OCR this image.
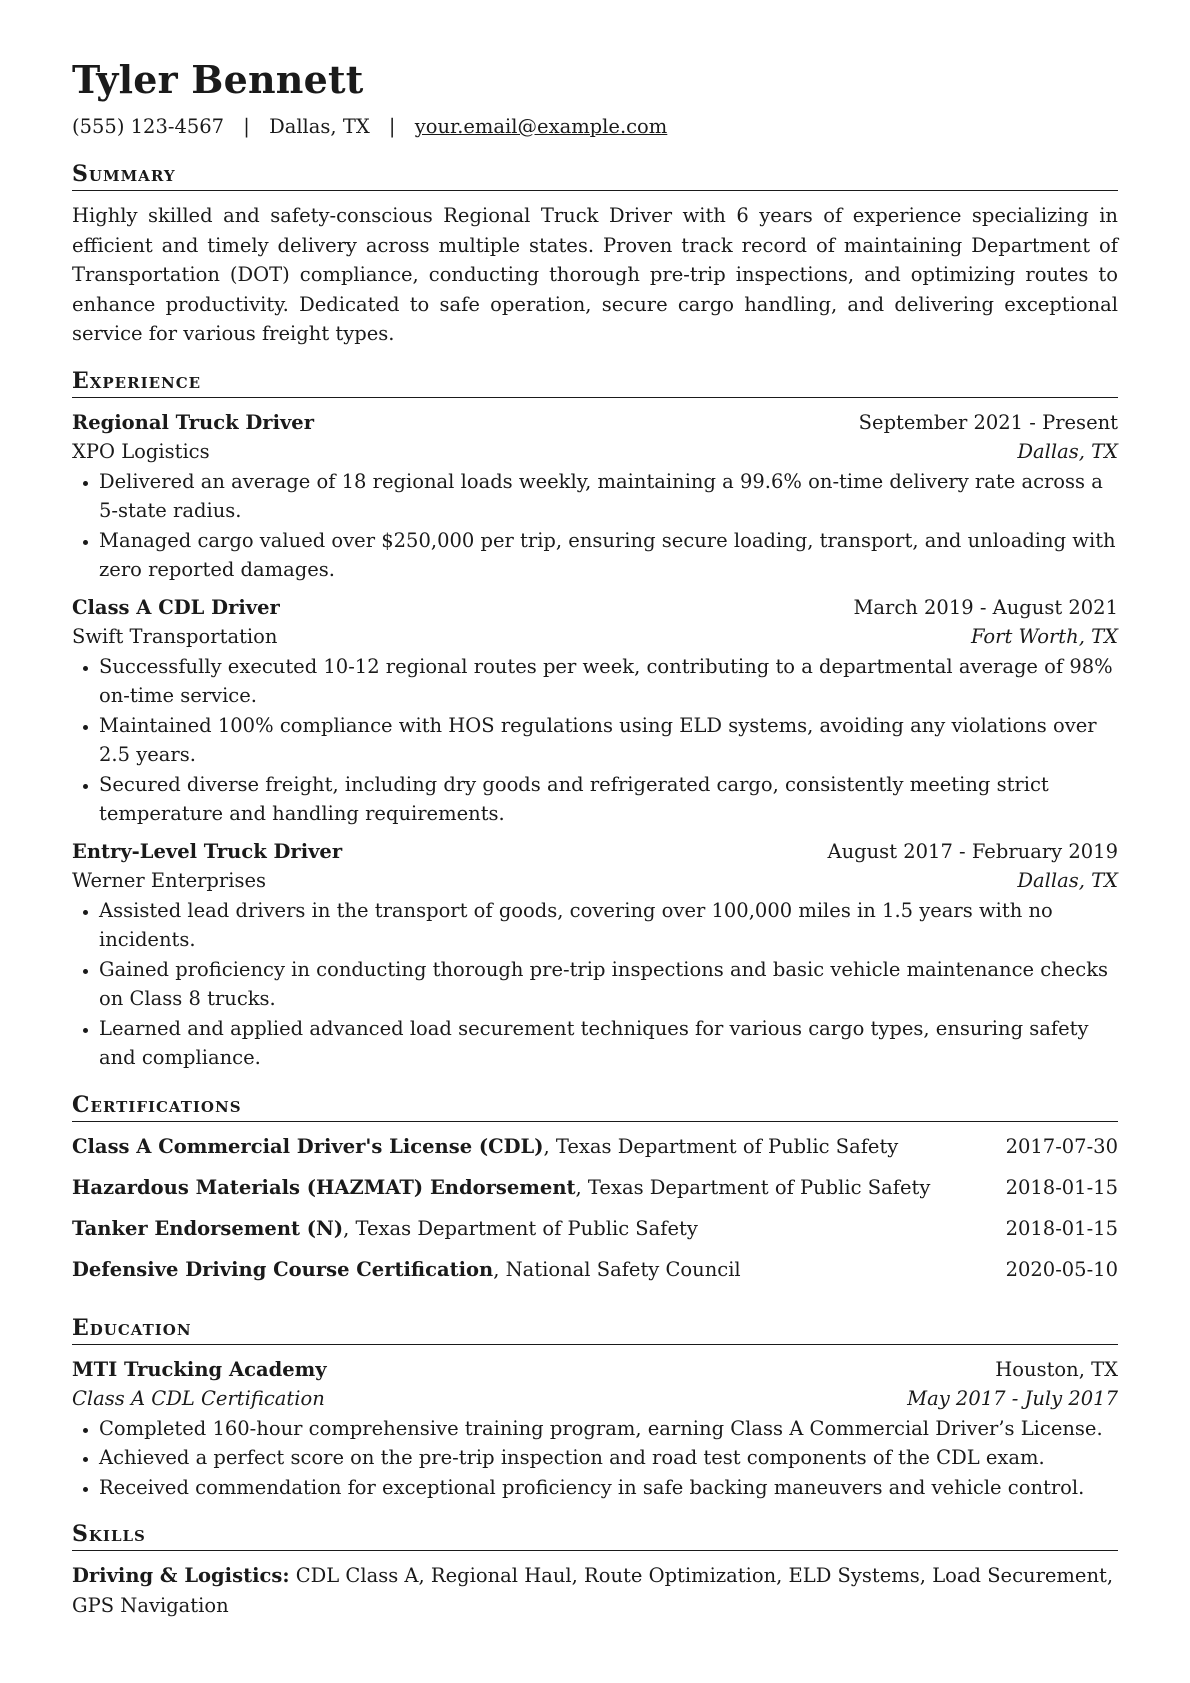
Tyler Bennett
(555) 123-4567 | Dallas, TX | your.email@example.com
Summary
Highly skilled and safety-conscious Regional Truck Driver with 6 years of experience specializing in efficient and timely delivery across multiple states. Proven track record of maintaining Department of Transportation (DOT) compliance, conducting thorough pre-trip inspections, and optimizing routes to enhance productivity. Dedicated to safe operation, secure cargo handling, and delivering exceptional service for various freight types.
Experience
Regional Truck Driver	September 2021 - Present
XPO Logistics	Dallas, TX
• Delivered an average of 18 regional loads weekly, maintaining a 99.6% on-time delivery rate across a 5-state radius.
• Managed cargo valued over $250,000 per trip, ensuring secure loading, transport, and unloading with zero reported damages.
Class A CDL Driver	March 2019 - August 2021
Swift Transportation	Fort Worth, TX
• Successfully executed 10-12 regional routes per week, contributing to a departmental average of 98% on-time service.
• Maintained 100% compliance with HOS regulations using ELD systems, avoiding any violations over 2.5 years.
• Secured diverse freight, including dry goods and refrigerated cargo, consistently meeting strict temperature and handling requirements.
Entry-Level Truck Driver	August 2017 - February 2019
Werner Enterprises	Dallas, TX
• Assisted lead drivers in the transport of goods, covering over 100,000 miles in 1.5 years with no incidents.
• Gained proficiency in conducting thorough pre-trip inspections and basic vehicle maintenance checks on Class 8 trucks.
• Learned and applied advanced load securement techniques for various cargo types, ensuring safety and compliance.
Certifications
Class A Commercial Driver's License (CDL), Texas Department of Public Safety	2017-07-30
Hazardous Materials (HAZMAT) Endorsement, Texas Department of Public Safety	2018-01-15
Tanker Endorsement (N), Texas Department of Public Safety	2018-01-15
Defensive Driving Course Certification, National Safety Council	2020-05-10
Education
MTI Trucking Academy	Houston, TX
Class A CDL Certification	May 2017 - July 2017
• Completed 160-hour comprehensive training program, earning Class A Commercial Driver’s License.
• Achieved a perfect score on the pre-trip inspection and road test components of the CDL exam.
• Received commendation for exceptional proficiency in safe backing maneuvers and vehicle control.
Skills
Driving & Logistics: CDL Class A, Regional Haul, Route Optimization, ELD Systems, Load Securement, GPS Navigation
